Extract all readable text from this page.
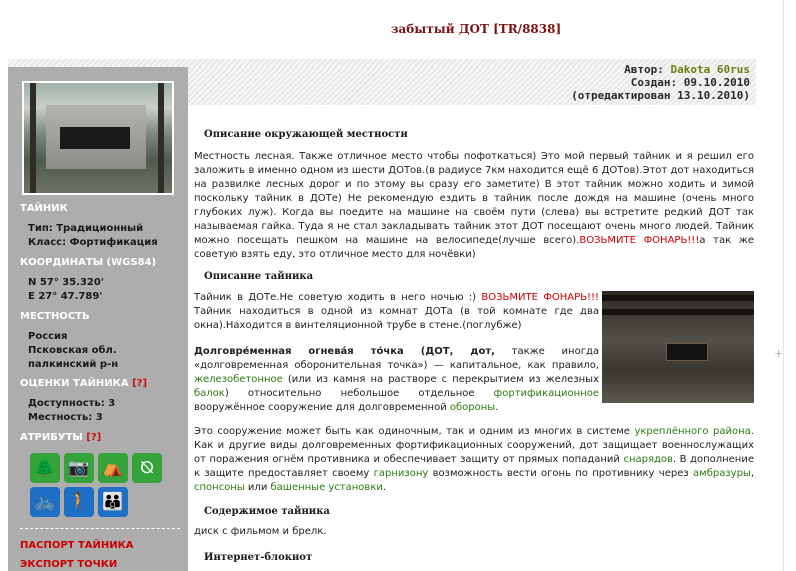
забытый ДОТ [TR/8838]
+
ТАЙНИК
Тип: Традиционный
Класс: Фортификация
КООРДИНАТЫ (WGS84)
N 57° 35.320'
E 27° 47.789'
МЕСТНОСТЬ
Россия
Псковская обл.
палкинский р-н
ОЦЕНКИ ТАЙНИКА [?]
Доступность: 3
Местность: 3
АТРИБУТЫ [?]
🌲 📷 ⛺ ⦰
🚲 🚶 👪
ПАСПОРТ ТАЙНИКА
ЭКСПОРТ ТОЧКИ
Автор: Dakota 60rus
Создан: 09.10.2010
(отредактирован 13.10.2010)
Описание окружающей местности
Местность лесная. Также отличное место чтобы пофоткаться) Это мой первый тайник и я решил его заложить в именно одном из шести ДОТов.(в радиусе 7км находится ещё 6 ДОТов).Этот дот находиться на развилке лесных дорог и по этому вы сразу его заметите) В этот тайник можно ходить и зимой поскольку тайник в ДОТе) Не рекомендую ездить в тайник после дождя на машине (очень много глубоких луж). Когда вы поедите на машине на своём пути (слева) вы встретите редкий ДОТ так называемая гайка. Туда я не стал закладывать тайник этот ДОТ посещают очень много людей. Тайник можно посещать пешком на машине на велосипеде(лучше всего).ВОЗЬМИТЕ ФОНАРЬ!!!а так же советую взять еду, это отличное место для ночёвки)
Описание тайника
Тайник в ДОТе.Не советую ходить в него ночью :) ВОЗЬМИТЕ ФОНАРЬ!!! Тайник находиться в одной из комнат ДОТа (в той комнате где два окна).Находится в винтеляционной трубе в стене.(поглубже)
Долговре́менная огнева́я то́чка (ДОТ, дот, также иногда «долговременная оборонительная точка») — капитальное, как правило, железобетонное (или из камня на растворе с перекрытием из железных балок) относительно небольшое отдельное фортификационное вооружённое сооружение для долговременной обороны.
Это сооружение может быть как одиночным, так и одним из многих в системе укреплённого района. Как и другие виды долговременных фортификационных сооружений, дот защищает военнослужащих от поражения огнём противника и обеспечивает защиту от прямых попаданий снарядов. В дополнение к защите предоставляет своему гарнизону возможность вести огонь по противнику через амбразуры, спонсоны или башенные установки.
Содержимое тайника
диск с фильмом и брелк.
Интернет-блокнот
